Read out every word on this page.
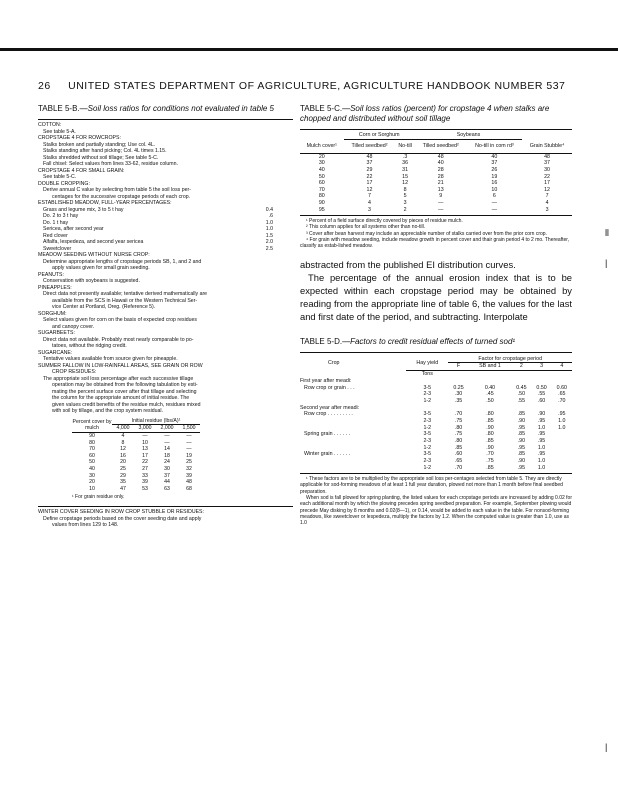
26 UNITED STATES DEPARTMENT OF AGRICULTURE, AGRICULTURE HANDBOOK NUMBER 537
TABLE 5-B.—Soil loss ratios for conditions not evaluated in table 5
COTTON:
See table 5-A.
CROPSTAGE 4 FOR ROWCROPS:
Stalks broken and partially standing; Use col. 4L.
Stalks standing after hand picking; Col. 4L times 1.15.
Stalks shredded without soil tillage; See table 5-C.
Fall chisel: Select values from lines 33-62, residue column.
CROPSTAGE 4 FOR SMALL GRAIN:
See table 5-C.
DOUBLE CROPPING:
Derive annual C value by selecting from table 5 the soil loss per-
centages for the successive cropstage periods of each crop.
ESTABLISHED MEADOW, FULL-YEAR PERCENTAGES:
Grass and legume mix, 3 to 5 t hay	0.4
Do. 2 to 3 t hay	.6
Do. 1 t hay	1.0
Sericea, after second year	1.0
Red clover	1.5
Alfalfa, lespedeza, and second year sericea	2.0
Sweetclover	2.5
MEADOW SEEDING WITHOUT NURSE CROP:
Determine appropriate lengths of cropstage periods SB, 1, and 2 and
apply values given for small grain seeding.
PEANUTS:
Conservation with soybeans is suggested.
PINEAPPLES:
Direct data not presently available; tentative derived mathematically are
available from the SCS in Hawaii or the Western Technical Ser-
vice Center at Portland, Oreg. (Reference 5).
SORGHUM:
Select values given for corn on the basis of expected crop residues
and canopy cover.
SUGARBEETS:
Direct data not available. Probably most nearly comparable to po-
tatoes, without the ridging credit.
SUGARCANE:
Tentative values available from source given for pineapple.
SUMMER FALLOW IN LOW-RAINFALL AREAS, SEE GRAIN OR ROW
CROP RESIDUES:
The appropriate soil loss percentage after each successive tillage
operation may be obtained from the following tabulation by esti-
mating the percent surface cover after that tillage and selecting
the column for the appropriate amount of initial residue. The
given values credit benefits of the residue mulch, residues mixed
with soil by tillage, and the crop system residual.
Percent cover by mulch	Initial residue (lbs/A)¹			
	4,000	3,000	2,000	1,500
90	4	—	—	—
80	8	10	—	—
70	12	13	14	—
60	16	17	18	19
50	20	22	24	25
40	25	27	30	32
30	29	33	37	39
20	35	39	44	48
10	47	53	63	68
¹ For grain residue only.
WINTER COVER SEEDING IN ROW CROP STUBBLE OR RESIDUES:
Define cropstage periods based on the cover seeding date and apply
values from lines 129 to 148.
TABLE 5-C.—Soil loss ratios (percent) for cropstage 4 when stalks are chopped and distributed without soil tillage
	Corn or Sorghum		Soybeans		
Mulch cover¹	Tilled seedbed²	No-till	Tilled seedbed²	No-till in com rd³	Grain Stubble⁴
20	48	.3	48	40	48
30	37	36	40	37	37
40	29	31	28	26	30
50	22	15	28	19	22
60	17	12	21	16	17
70	12	8	13	10	12
80	7	5	9	6	7
90	4	3	—	—	4
95	3	2	—	—	3
¹ Percent of a field surface directly covered by pieces of residue mulch.
² This column applies for all systems other than no-till.
³ Cover after bean harvest may include an appreciable number of stalks carried over from the prior corn crop.
⁴ For grain with meadow seeding, include meadow growth in percent cover and thair grain period 4 to 2 mo. Thereafter, classify as estab-lished meadow.

abstracted from the published EI distribution curves.

The percentage of the annual erosion index that is to be expected within each cropstage period may be obtained by reading from the appropriate line of table 6, the values for the last and first date of the period, and subtracting. Interpolate

TABLE 5-D.—Factors to credit residual effects of turned sod¹
Crop	Hay yield	Factor for cropstage period				
		F	SB and 1	2	3	4
	Tons					
First year after meadi:						
Row crop or grain . . .	3-5	0.25	0.40	0.45	0.50	0.60
	2-3	.30	.45	.50	.55	.65
	1-2	.35	.50	.55	.60	.70
Second year after meadi:						
Row crop . . . . . . . . .	3-5	.70	.80	.85	.90	.95
	2-3	.75	.85	.90	.95	1.0
	1-2	.80	.90	.95	1.0	1.0
Spring grain . . . . . .	3-5	.75	.80	.85	.95	
	2-3	.80	.85	.90	.95	
	1-2	.85	.90	.95	1.0	
Winter grain . . . . . .	3-5	.60	.70	.85	.95	
	2-3	.65	.75	.90	1.0	
	1-2	.70	.85	.95	1.0	
¹ These factors are to be multiplied by the appropriate soil loss per-centages selected from table 5. They are directly applicable for sod-forming meadows of at least 1 full year duration, plowed not more than 1 month before final seedbed preparation.
When sod is fall plowed for spring planting, the listed values for each cropstage periods are increased by adding 0.02 for each additional month by which the plowing precedes spring seedbed preparation. For example, September plowing would precede May disking by 8 months and 0.02(8—1), or 0.14, would be added to each value in the table. For nonsod-forming meadows, like sweetclover or lespedeza, multiply the factors by 1.2. When the computed value is greater than 1.0, use as 1.0
⦀
|
|
